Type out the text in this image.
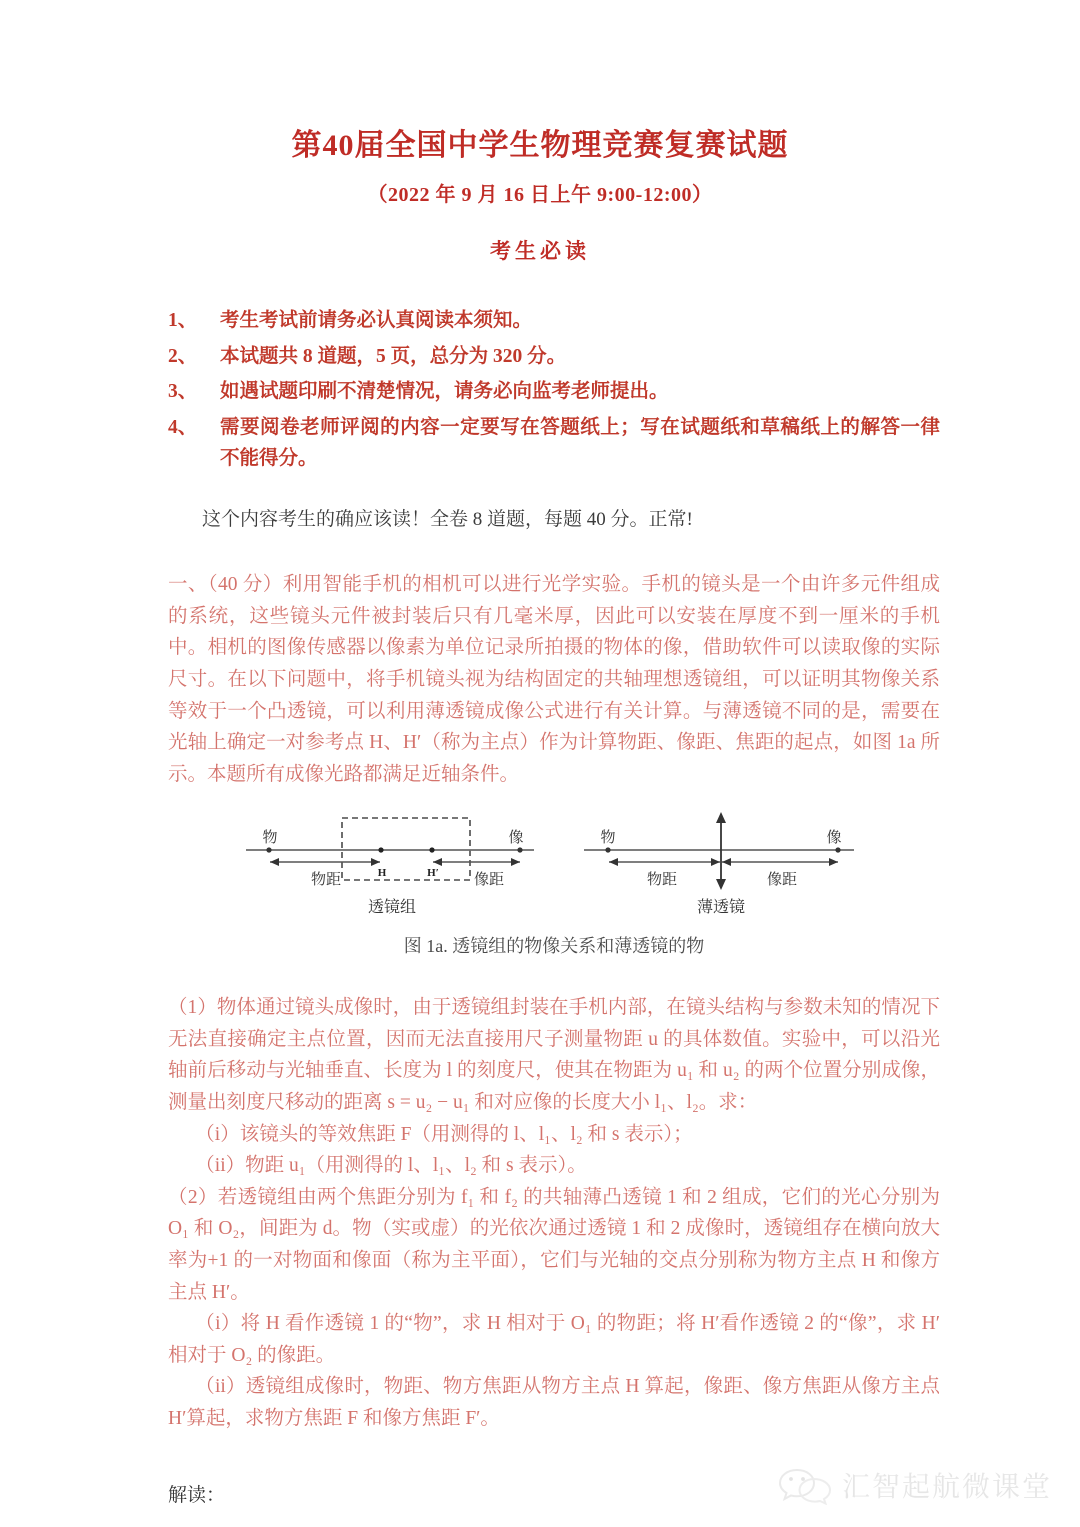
第40届全国中学生物理竞赛复赛试题
（2022 年 9 月 16 日上午 9:00-12:00）
考生必读
1、	考生考试前请务必认真阅读本须知。
2、	本试题共 8 道题，5 页，总分为 320 分。
3、	如遇试题印刷不清楚情况，请务必向监考老师提出。
4、	需要阅卷老师评阅的内容一定要写在答题纸上；写在试题纸和草稿纸上的解答一律不能得分。
这个内容考生的确应该读！全卷 8 道题，每题 40 分。正常!

一、（40 分）利用智能手机的相机可以进行光学实验。手机的镜头是一个由许多元件组成的系统，这些镜头元件被封装后只有几毫米厚，因此可以安装在厚度不到一厘米的手机中。相机的图像传感器以像素为单位记录所拍摄的物体的像，借助软件可以读取像的实际尺寸。在以下问题中，将手机镜头视为结构固定的共轴理想透镜组，可以证明其物像关系等效于一个凸透镜，可以利用薄透镜成像公式进行有关计算。与薄透镜不同的是，需要在光轴上确定一对参考点 H、H′（称为主点）作为计算物距、像距、焦距的起点，如图 1a 所示。本题所有成像光路都满足近轴条件。

物	像
H	H′
物距	像距
透镜组
物	像
物距	像距
薄透镜
图 1a. 透镜组的物像关系和薄透镜的物

（1）物体通过镜头成像时，由于透镜组封装在手机内部，在镜头结构与参数未知的情况下无法直接确定主点位置，因而无法直接用尺子测量物距 u 的具体数值。实验中，可以沿光轴前后移动与光轴垂直、长度为 l 的刻度尺，使其在物距为 u₁ 和 u₂ 的两个位置分别成像，测量出刻度尺移动的距离 s = u₂ − u₁ 和对应像的长度大小 l₁、l₂。求：

（i）该镜头的等效焦距 F（用测得的 l、l₁、l₂ 和 s 表示）；

（ii）物距 u₁（用测得的 l、l₁、l₂ 和 s 表示）。

（2）若透镜组由两个焦距分别为 f₁ 和 f₂ 的共轴薄凸透镜 1 和 2 组成，它们的光心分别为 O₁ 和 O₂，间距为 d。物（实或虚）的光依次通过透镜 1 和 2 成像时，透镜组存在横向放大率为+1 的一对物面和像面（称为主平面），它们与光轴的交点分别称为物方主点 H 和像方主点 H′。

（i）将 H 看作透镜 1 的“物”，求 H 相对于 O₁ 的物距；将 H′看作透镜 2 的“像”，求 H′相对于 O₂ 的像距。

（ii）透镜组成像时，物距、物方焦距从物方主点 H 算起，像距、像方焦距从像方主点 H′算起，求物方焦距 F 和像方焦距 F′。

解读：	汇智起航微课堂
